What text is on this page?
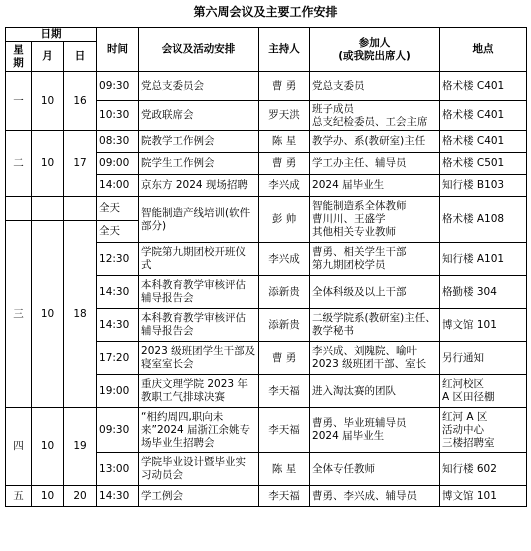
第六周会议及主要工作安排
日期			时间	会议及活动安排	主持人	参加人
(或我院出席人)	地点
星
期	月	日					
一	10	16	09:30	党总支委员会	曹 勇	党总支委员	格术楼 C401
			10:30	党政联席会	罗天洪	班子成员
总支纪检委员、工会主席	格术楼 C401
二	10	17	08:30	院教学工作例会	陈 星	教学办、系(教研室)主任	格术楼 C401
			09:00	院学生工作例会	曹 勇	学工办主任、辅导员	格术楼 C501
			14:00	京东方 2024 现场招聘	李兴成	2024 届毕业生	知行楼 B103
			全天	智能制造产线培训(软件部分)	彭 帅	智能制造系全体教师
曹川川、王盛学
其他相关专业教师	格术楼 A108
三	10	18	全天				
			12:30	学院第九期团校开班仪式	李兴成	曹勇、相关学生干部
第九期团校学员	知行楼 A101
			14:30	本科教育教学审核评估辅导报告会	添新贵	全体科级及以上干部	格勤楼 304
			14:30	本科教育教学审核评估辅导报告会	添新贵	二级学院系(教研室)主任、教学秘书	博文馆 101
			17:20	2023 级班团学生干部及寝室室长会	曹 勇	李兴成、刘隗院、喻叶
2023 级班团干部、室长	另行通知
			19:00	重庆文理学院 2023 年教职工气排球决赛	李天福	进入淘汰赛的团队	红河校区
A 区田径棚
四	10	19	09:30	“相约周四,职向未来”2024 届浙江余姚专场毕业生招聘会	李天福	曹勇、毕业班辅导员
2024 届毕业生	红河 A 区
活动中心
三楼招聘室
			13:00	学院毕业设计暨毕业实习动员会	陈 星	全体专任教师	知行楼 602
五	10	20	14:30	学工例会	李天福	曹勇、李兴成、辅导员	博文馆 101
